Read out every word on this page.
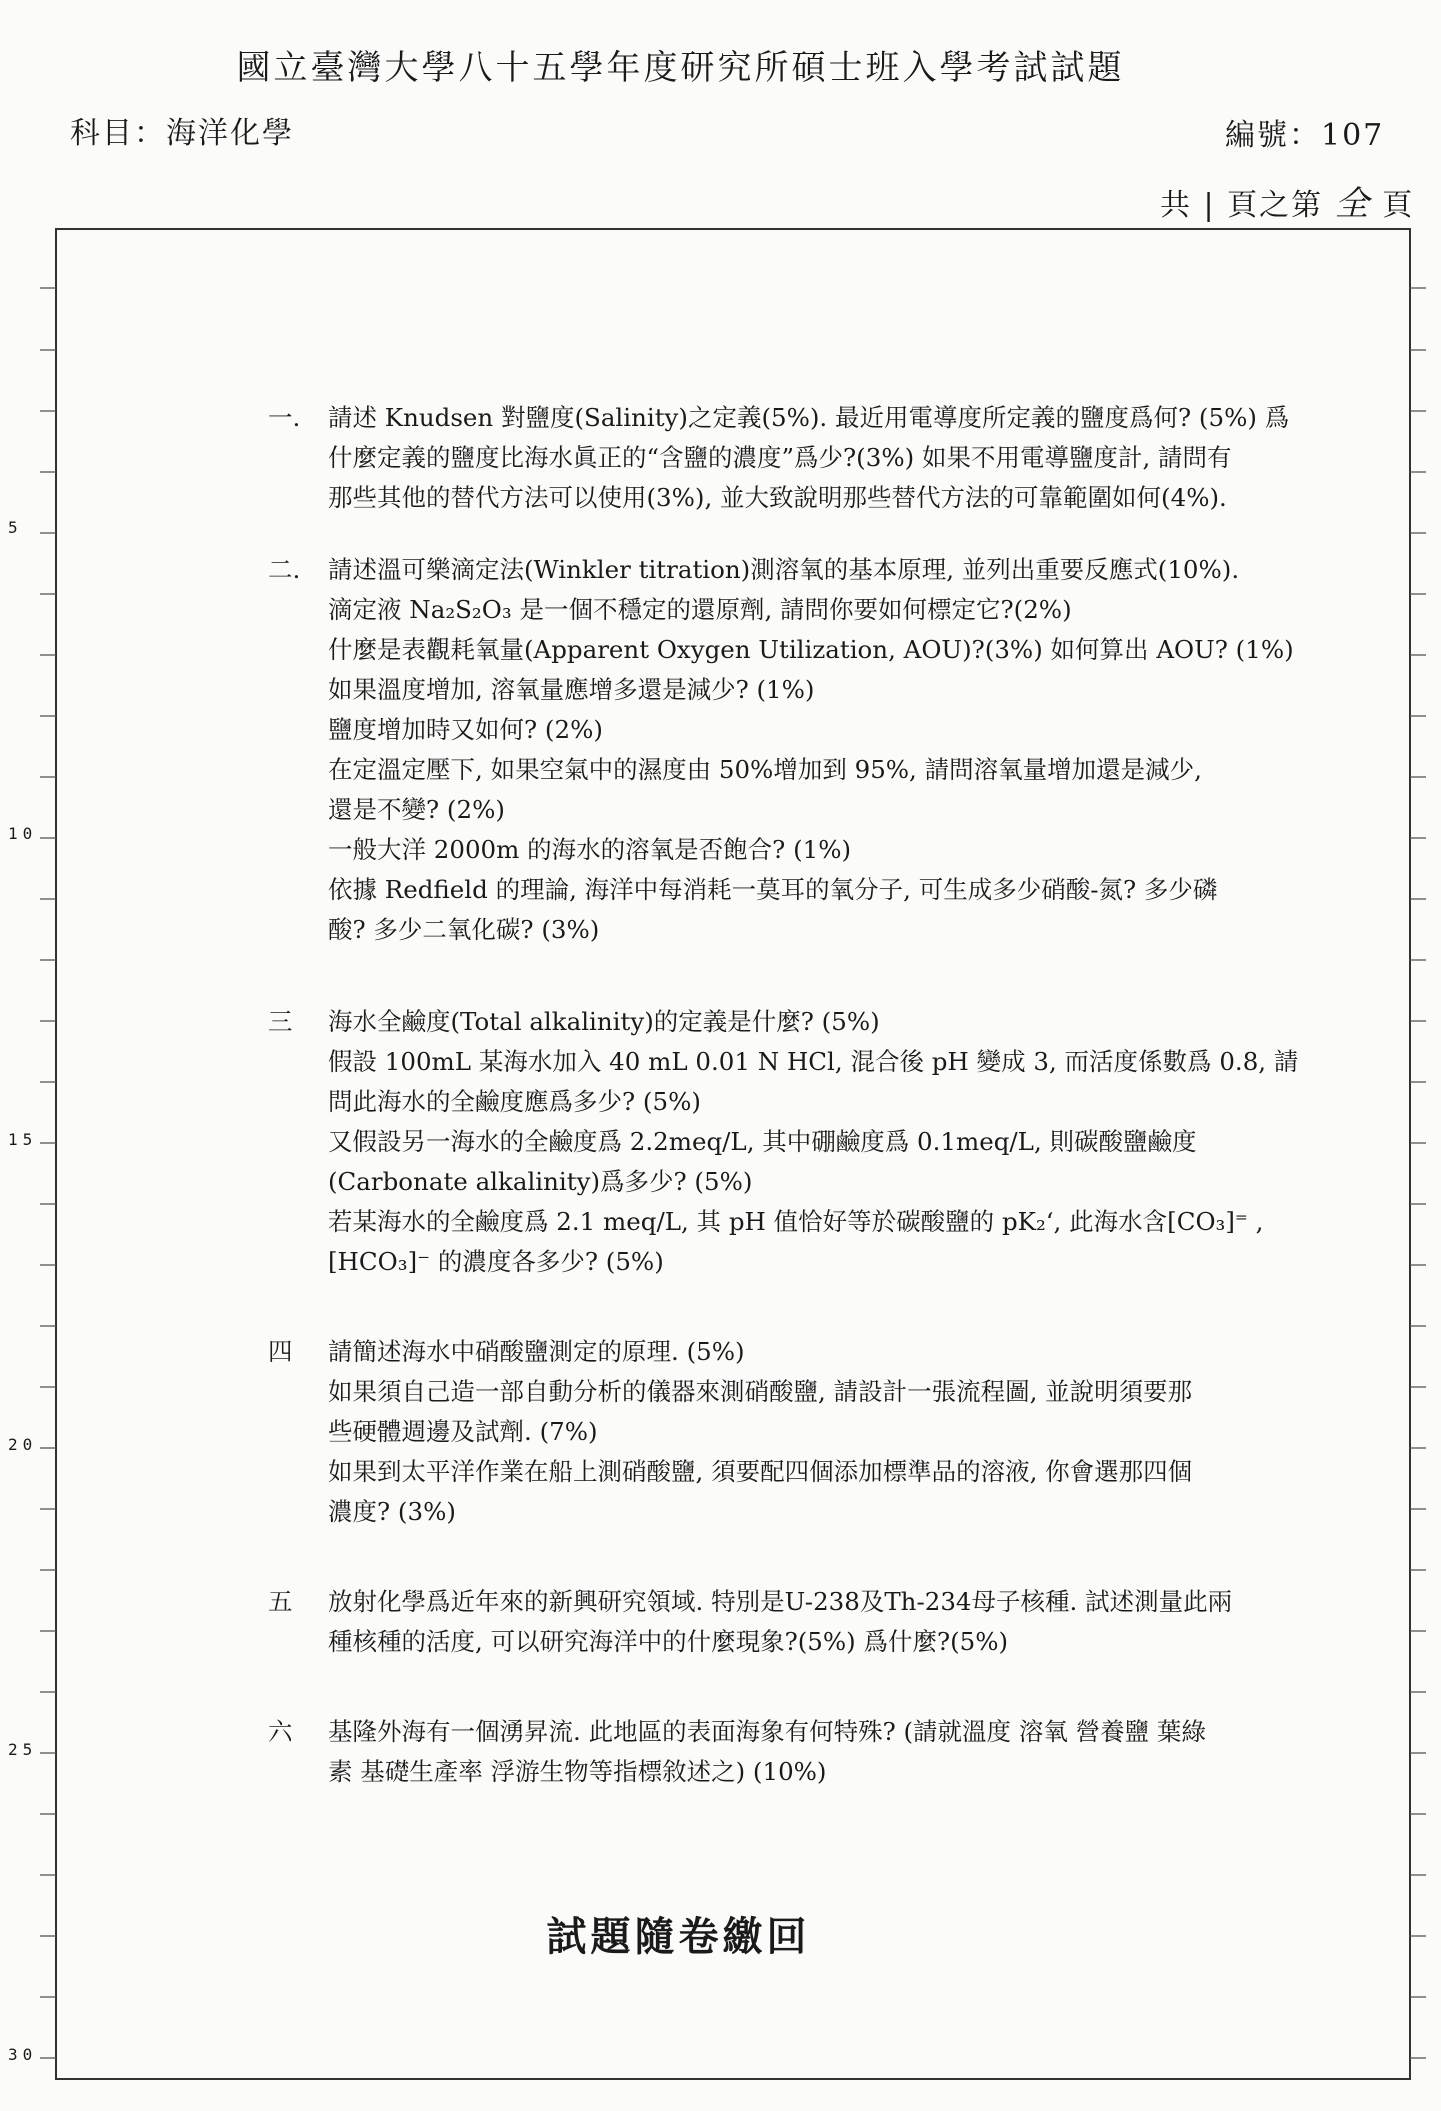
國立臺灣大學八十五學年度研究所碩士班入學考試試題
科目：海洋化學	編號：107
共 | 頁之第 全 頁
5
10
15
20
25
30
一. 請述 Knudsen 對鹽度(Salinity)之定義(5%). 最近用電導度所定義的鹽度爲何? (5%) 爲

什麼定義的鹽度比海水眞正的“含鹽的濃度”爲少?(3%) 如果不用電導鹽度計, 請問有

那些其他的替代方法可以使用(3%), 並大致說明那些替代方法的可靠範圍如何(4%).

二. 請述溫可樂滴定法(Winkler titration)測溶氧的基本原理, 並列出重要反應式(10%).

滴定液 Na₂S₂O₃ 是一個不穩定的還原劑, 請問你要如何標定它?(2%)

什麼是表觀耗氧量(Apparent Oxygen Utilization, AOU)?(3%) 如何算出 AOU? (1%)

如果溫度增加, 溶氧量應增多還是減少? (1%)

鹽度增加時又如何? (2%)

在定溫定壓下, 如果空氣中的濕度由 50%增加到 95%, 請問溶氧量增加還是減少,

還是不變? (2%)

一般大洋 2000m 的海水的溶氧是否飽合? (1%)

依據 Redfield 的理論, 海洋中每消耗一莫耳的氧分子, 可生成多少硝酸-氮? 多少磷

酸? 多少二氧化碳? (3%)

三 海水全鹼度(Total alkalinity)的定義是什麼? (5%)

假設 100mL 某海水加入 40 mL 0.01 N HCl, 混合後 pH 變成 3, 而活度係數爲 0.8, 請

問此海水的全鹼度應爲多少? (5%)

又假設另一海水的全鹼度爲 2.2meq/L, 其中硼鹼度爲 0.1meq/L, 則碳酸鹽鹼度

(Carbonate alkalinity)爲多少? (5%)

若某海水的全鹼度爲 2.1 meq/L, 其 pH 值恰好等於碳酸鹽的 pK₂‘, 此海水含[CO₃]⁼ ,

[HCO₃]⁻ 的濃度各多少? (5%)

四 請簡述海水中硝酸鹽測定的原理. (5%)

如果須自己造一部自動分析的儀器來測硝酸鹽, 請設計一張流程圖, 並說明須要那

些硬體週邊及試劑. (7%)

如果到太平洋作業在船上測硝酸鹽, 須要配四個添加標準品的溶液, 你會選那四個

濃度? (3%)

五 放射化學爲近年來的新興研究領域. 特別是U-238及Th-234母子核種. 試述測量此兩

種核種的活度, 可以研究海洋中的什麼現象?(5%) 爲什麼?(5%)

六 基隆外海有一個湧昇流. 此地區的表面海象有何特殊? (請就溫度 溶氧 營養鹽 葉綠

素 基礎生產率 浮游生物等指標敘述之) (10%)

試題隨卷繳回
